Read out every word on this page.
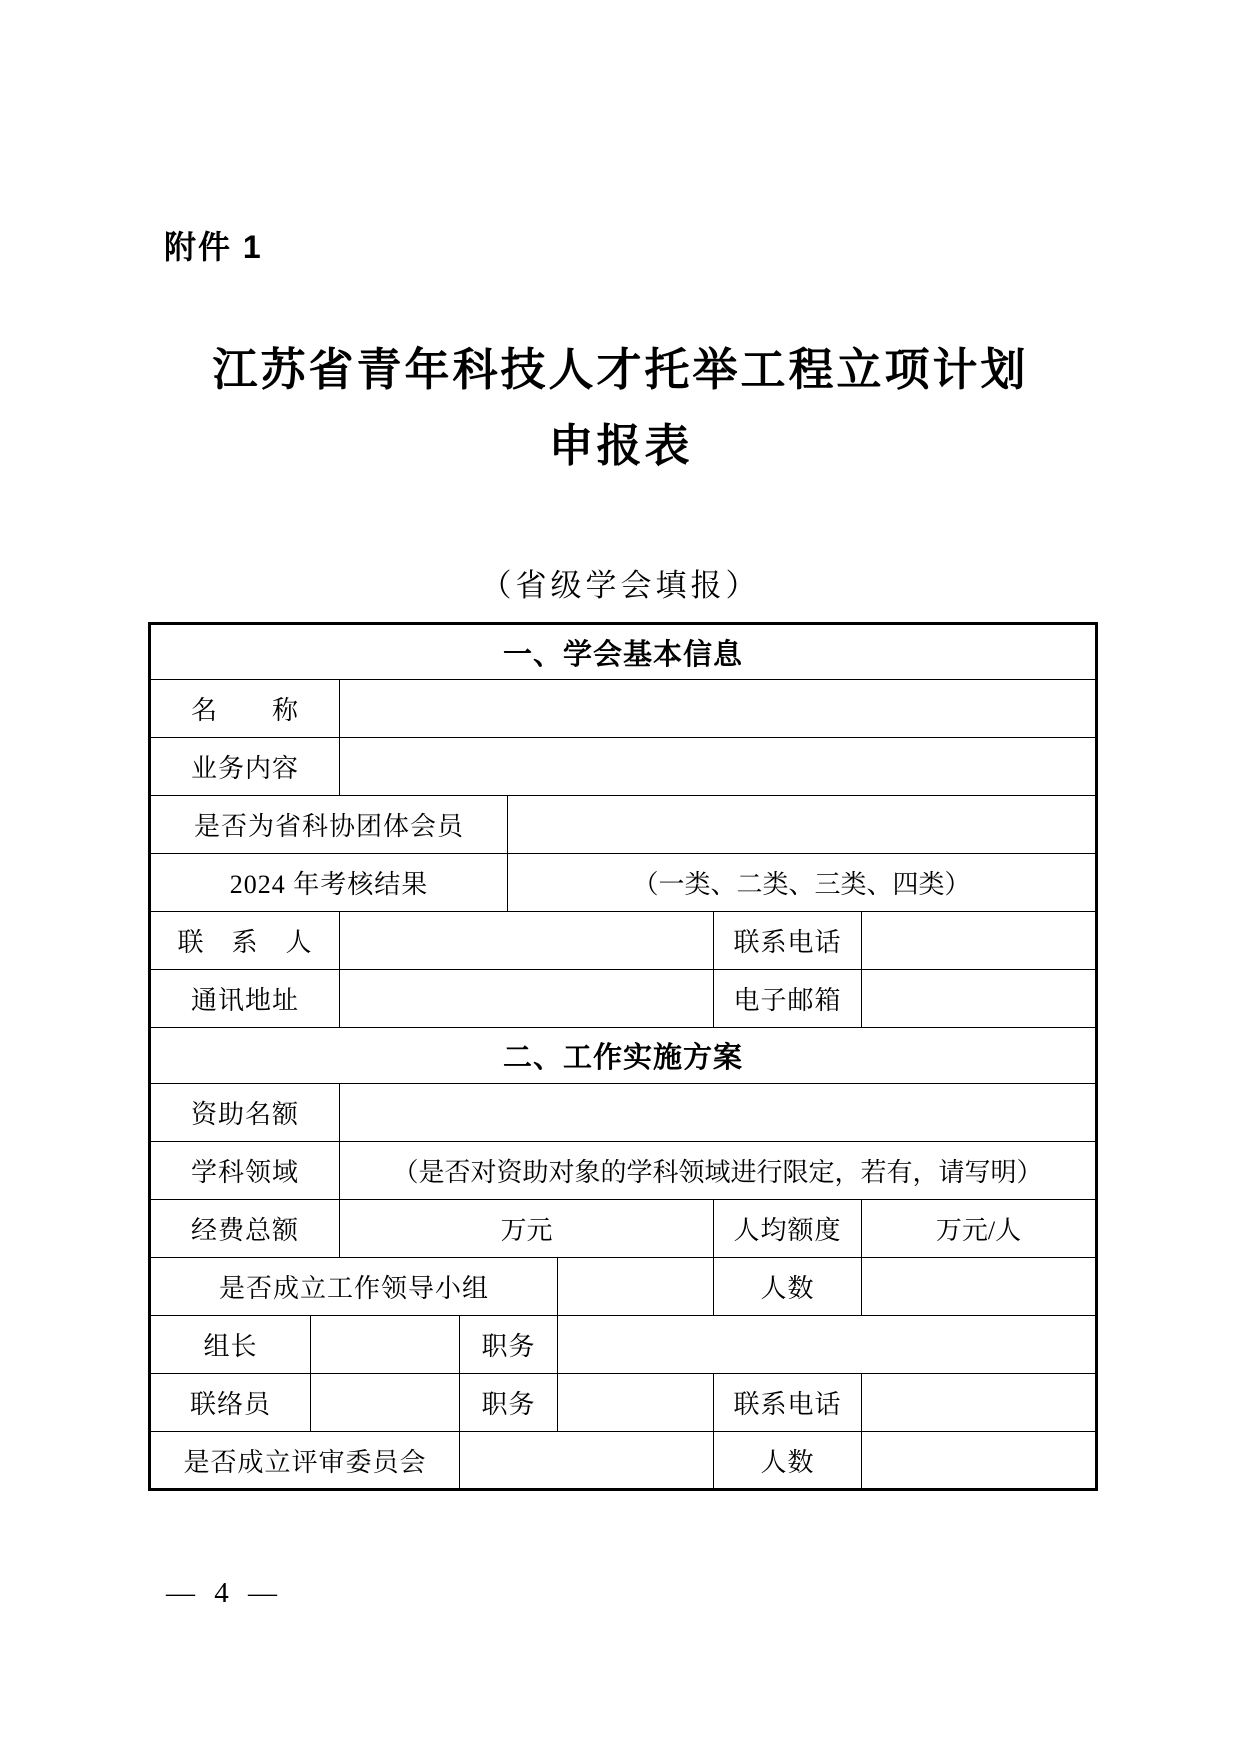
附件 1
江苏省青年科技人才托举工程立项计划
申报表
（省级学会填报）
一、学会基本信息							
名　　称							
业务内容							
是否为省科协团体会员							
2024 年考核结果				（一类、二类、三类、四类）			
联　系　人						联系电话	
通讯地址						电子邮箱	
二、工作实施方案							
资助名额							
学科领域		（是否对资助对象的学科领域进行限定，若有，请写明）					
经费总额		万元				人均额度	万元/人
是否成立工作领导小组						人数	
组长			职务				
联络员			职务			联系电话	
是否成立评审委员会						人数	
— 4 —
